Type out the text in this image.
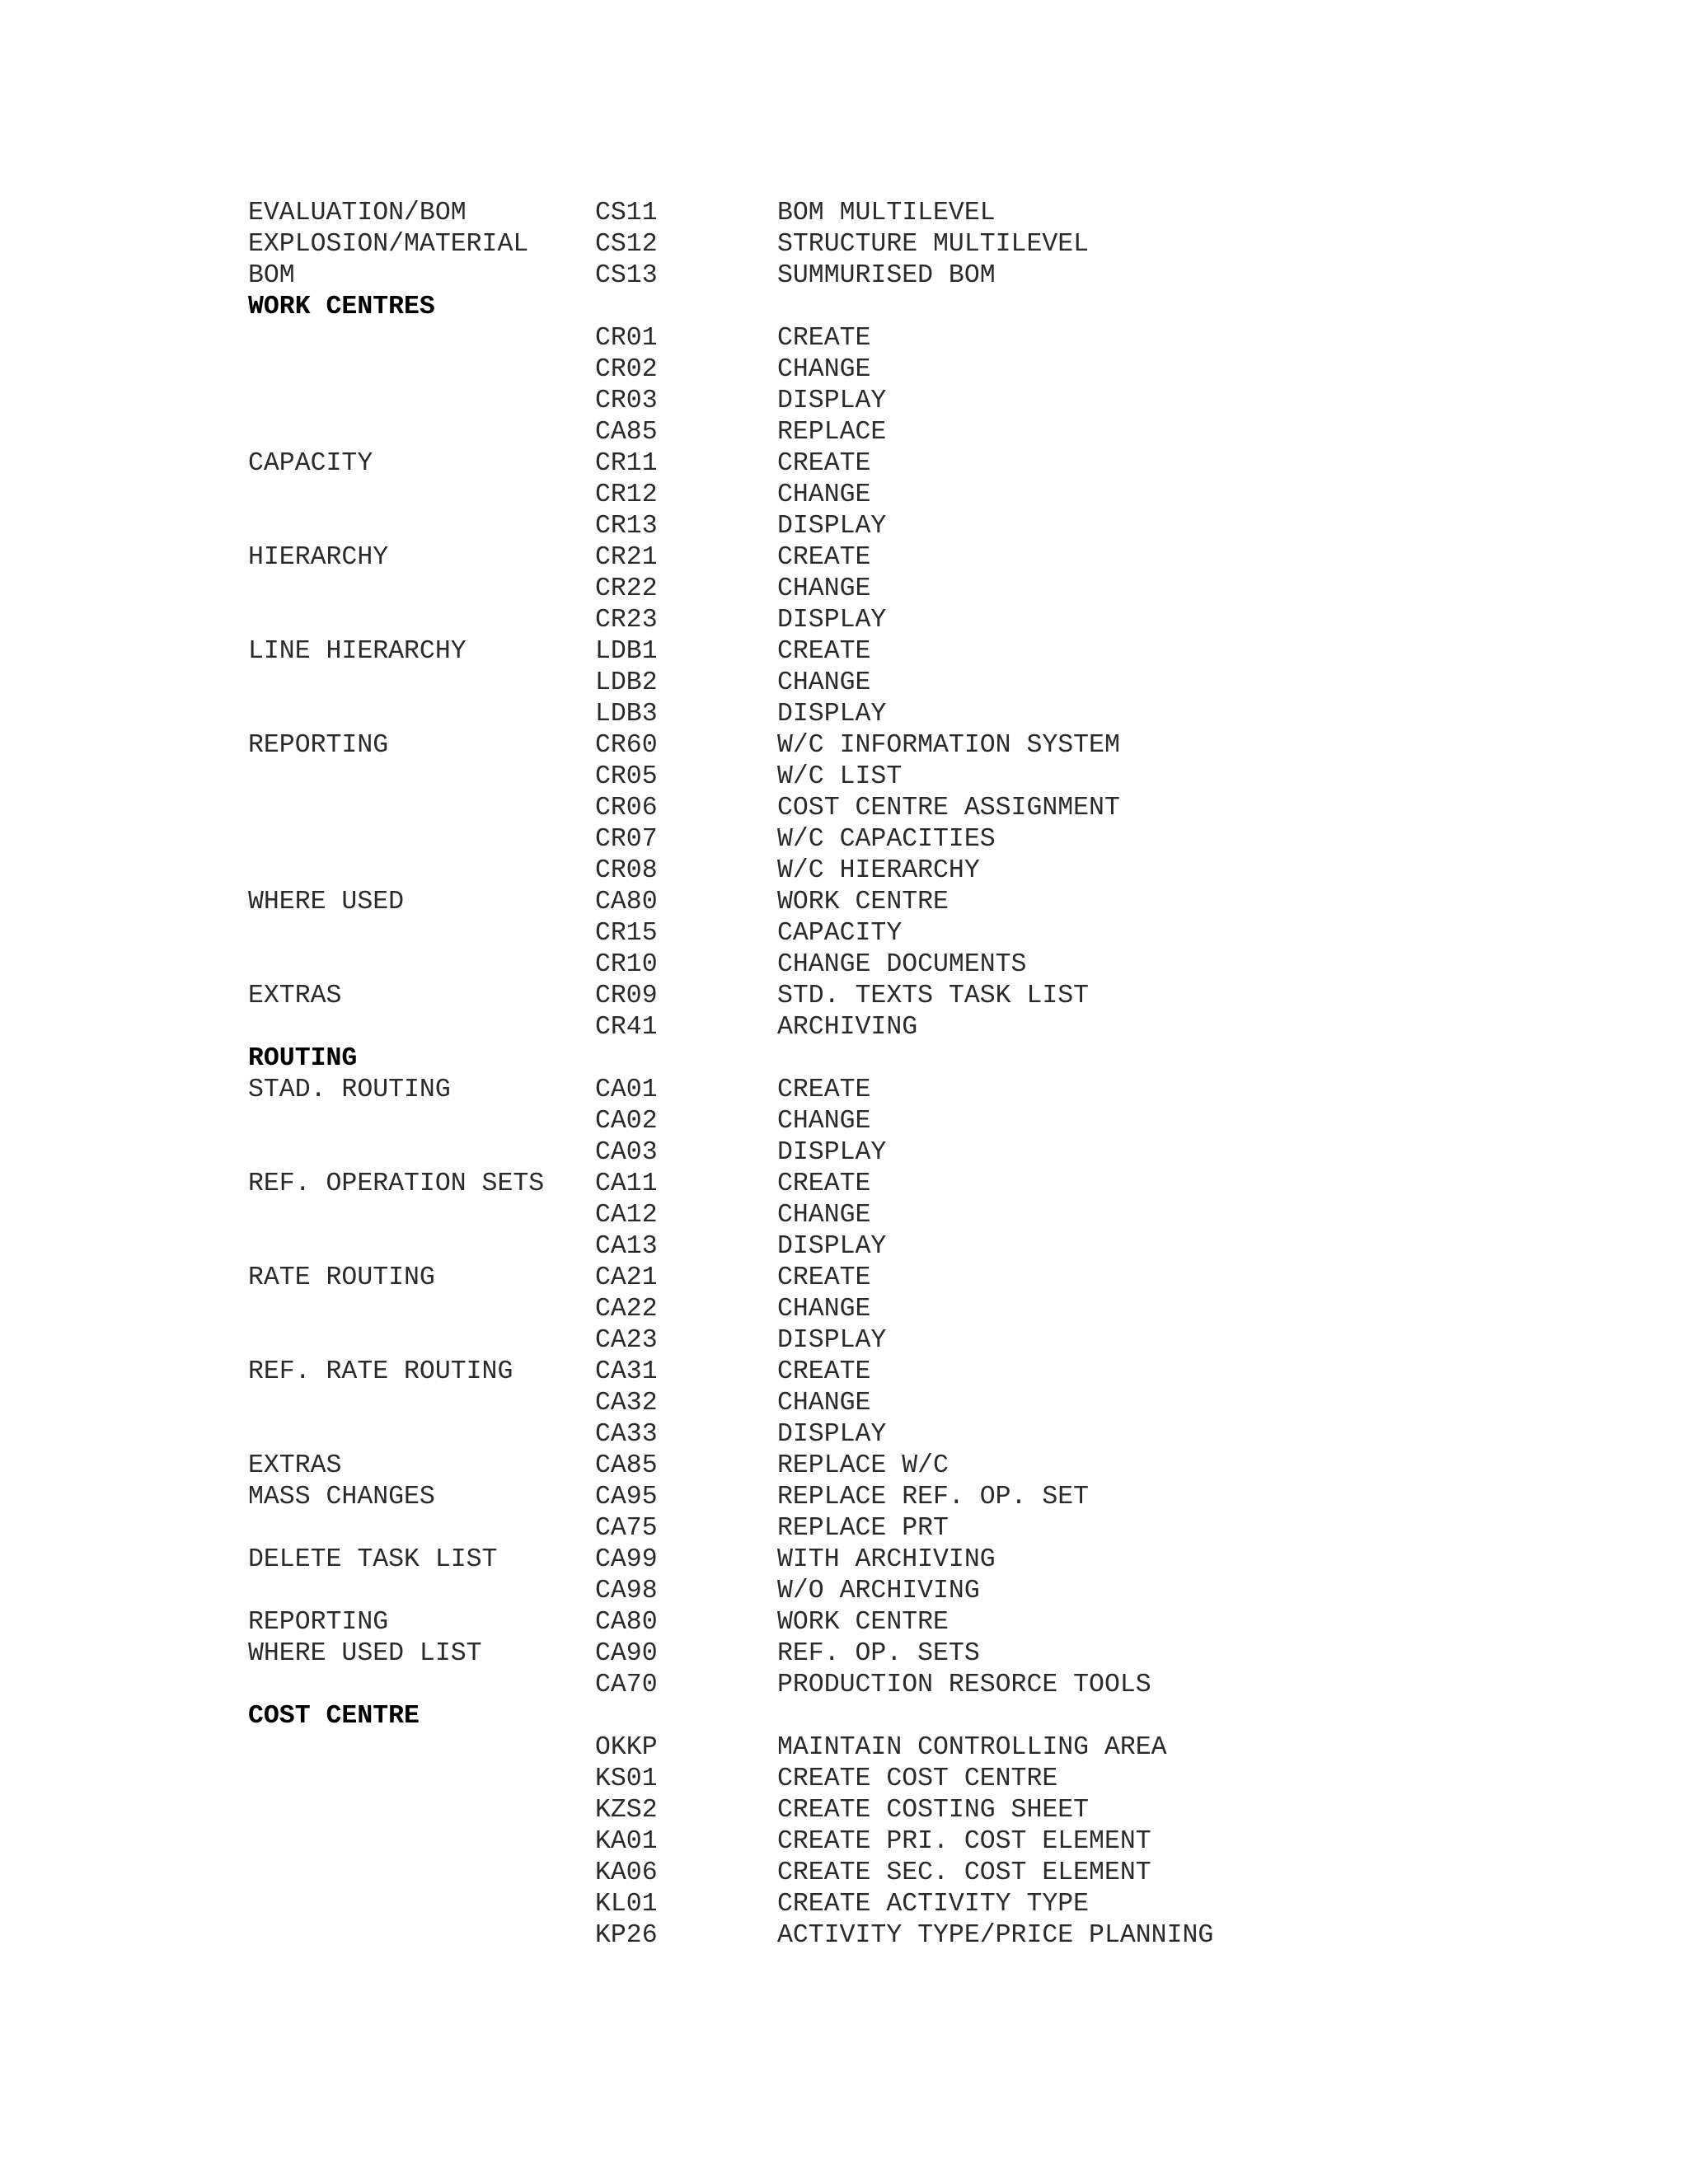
EVALUATION/BOM	CS11	BOM MULTILEVEL
EXPLOSION/MATERIAL	CS12	STRUCTURE MULTILEVEL
BOM	CS13	SUMMURISED BOM
WORK CENTRES
CR01	CREATE
CR02	CHANGE
CR03	DISPLAY
CA85	REPLACE
CAPACITY	CR11	CREATE
CR12	CHANGE
CR13	DISPLAY
HIERARCHY	CR21	CREATE
CR22	CHANGE
CR23	DISPLAY
LINE HIERARCHY	LDB1	CREATE
LDB2	CHANGE
LDB3	DISPLAY
REPORTING	CR60	W/C INFORMATION SYSTEM
CR05	W/C LIST
CR06	COST CENTRE ASSIGNMENT
CR07	W/C CAPACITIES
CR08	W/C HIERARCHY
WHERE USED	CA80	WORK CENTRE
CR15	CAPACITY
CR10	CHANGE DOCUMENTS
EXTRAS	CR09	STD. TEXTS TASK LIST
CR41	ARCHIVING
ROUTING
STAD. ROUTING	CA01	CREATE
CA02	CHANGE
CA03	DISPLAY
REF. OPERATION SETS CA11	CREATE
CA12	CHANGE
CA13	DISPLAY
RATE ROUTING	CA21	CREATE
CA22	CHANGE
CA23	DISPLAY
REF. RATE ROUTING	CA31	CREATE
CA32	CHANGE
CA33	DISPLAY
EXTRAS	CA85	REPLACE W/C
MASS CHANGES	CA95	REPLACE REF. OP. SET
CA75	REPLACE PRT
DELETE TASK LIST	CA99	WITH ARCHIVING
CA98	W/O ARCHIVING
REPORTING	CA80	WORK CENTRE
WHERE USED LIST	CA90	REF. OP. SETS
CA70	PRODUCTION RESORCE TOOLS
COST CENTRE
OKKP	MAINTAIN CONTROLLING AREA
KS01	CREATE COST CENTRE
KZS2	CREATE COSTING SHEET
KA01	CREATE PRI. COST ELEMENT
KA06	CREATE SEC. COST ELEMENT
KL01	CREATE ACTIVITY TYPE
KP26	ACTIVITY TYPE/PRICE PLANNING
